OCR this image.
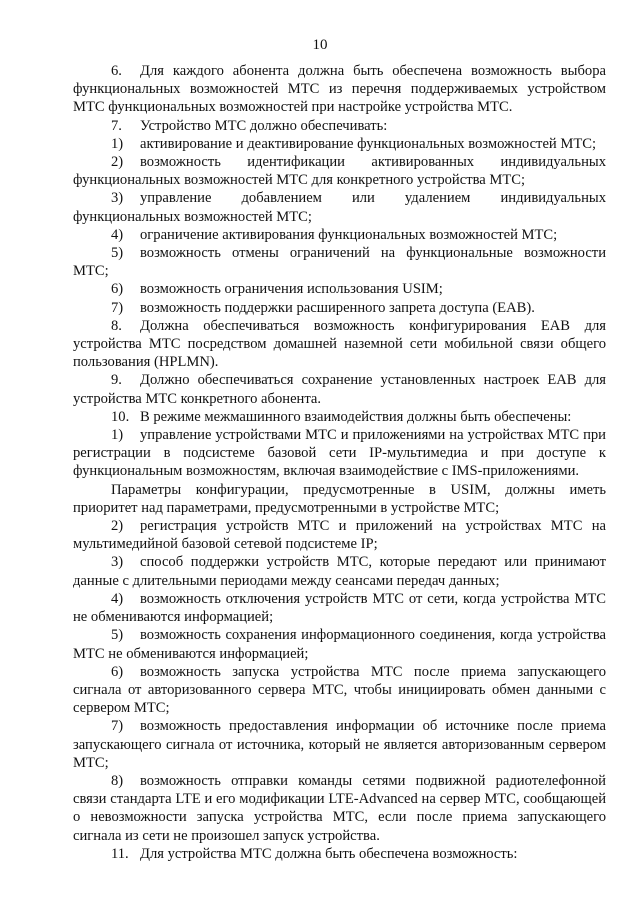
10

6. Для каждого абонента должна быть обеспечена возможность выбора функциональных возможностей МТС из перечня поддерживаемых устройством МТС функциональных возможностей при настройке устройства МТС.

7. Устройство МТС должно обеспечивать:

1) активирование и деактивирование функциональных возможностей МТС;

2) возможность идентификации активированных индивидуальных функциональных возможностей МТС для конкретного устройства МТС;

3) управление добавлением или удалением индивидуальных функциональных возможностей МТС;

4) ограничение активирования функциональных возможностей МТС;

5) возможность отмены ограничений на функциональные возможности МТС;

6) возможность ограничения использования USIM;

7) возможность поддержки расширенного запрета доступа (ЕАВ).

8. Должна обеспечиваться возможность конфигурирования ЕАВ для устройства МТС посредством домашней наземной сети мобильной связи общего пользования (HPLMN).

9. Должно обеспечиваться сохранение установленных настроек ЕАВ для устройства МТС конкретного абонента.

10. В режиме межмашинного взаимодействия должны быть обеспечены:

1) управление устройствами МТС и приложениями на устройствах МТС при регистрации в подсистеме базовой сети IP-мультимедиа и при доступе к функциональным возможностям, включая взаимодействие с IMS-приложениями.

Параметры конфигурации, предусмотренные в USIM, должны иметь приоритет над параметрами, предусмотренными в устройстве МТС;

2) регистрация устройств МТС и приложений на устройствах МТС на мультимедийной базовой сетевой подсистеме IP;

3) способ поддержки устройств МТС, которые передают или принимают данные с длительными периодами между сеансами передач данных;

4) возможность отключения устройств МТС от сети, когда устройства МТС не обмениваются информацией;

5) возможность сохранения информационного соединения, когда устройства МТС не обмениваются информацией;

6) возможность запуска устройства МТС после приема запускающего сигнала от авторизованного сервера МТС, чтобы инициировать обмен данными с сервером МТС;

7) возможность предоставления информации об источнике после приема запускающего сигнала от источника, который не является авторизованным сервером МТС;

8) возможность отправки команды сетями подвижной радиотелефонной связи стандарта LTE и его модификации LTE-Advanced на сервер МТС, сообщающей о невозможности запуска устройства МТС, если после приема запускающего сигнала из сети не произошел запуск устройства.

11. Для устройства МТС должна быть обеспечена возможность:
